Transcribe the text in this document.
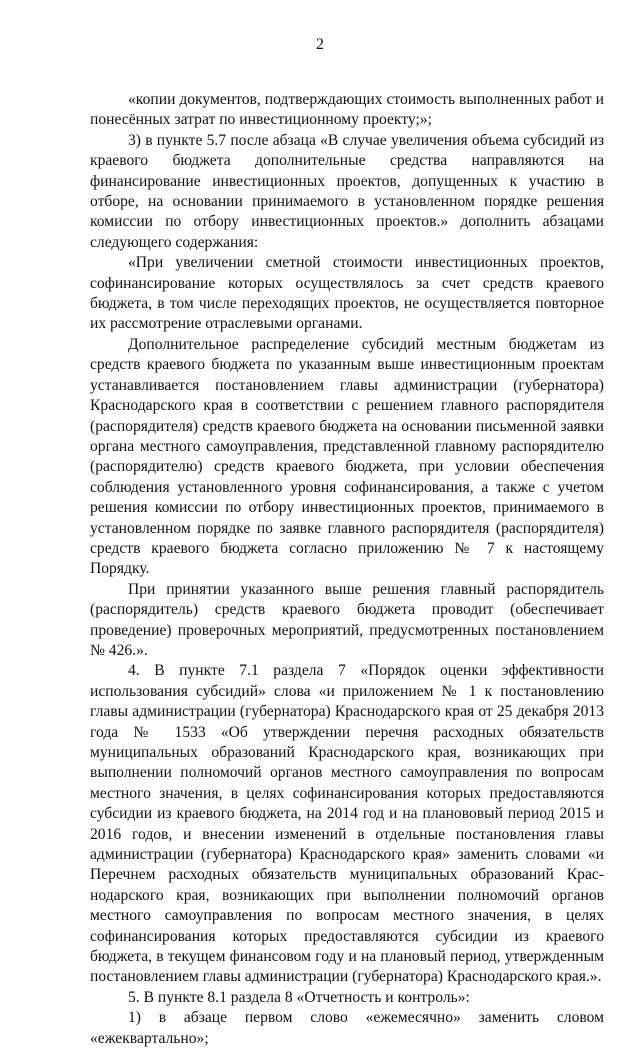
2

«копии документов, подтверждающих стоимость выполненных работ и понесённых затрат по инвестиционному проекту;»;

3) в пункте 5.7 после абзаца «В случае увеличения объема субсидий из краевого бюджета дополнительные средства направляются на финансирование инвестиционных проектов, допущенных к участию в отборе, на основании принимаемого в установленном порядке решения комиссии по отбору инвестиционных проектов.» дополнить абзацами следующего содержания:

«При увеличении сметной стоимости инвестиционных проектов, софинансирование которых осуществлялось за счет средств краевого бюджета, в том числе переходящих проектов, не осуществляется повторное их рассмотрение отраслевыми органами.

Дополнительное распределение субсидий местным бюджетам из средств краевого бюджета по указанным выше инвестиционным проектам устанавливается постановлением главы администрации (губернатора) Краснодарского края в соответствии с решением главного распорядителя (распорядителя) средств краевого бюджета на основании письменной заявки органа местного самоуправления, представленной главному распорядителю (распорядителю) средств краевого бюджета, при условии обеспечения соблюдения установленного уровня софинансирования, а также с учетом решения комиссии по отбору инвестиционных проектов, принимаемого в установленном порядке по заявке главного распорядителя (распорядителя) средств краевого бюджета согласно приложению № 7 к настоящему Порядку.

При принятии указанного выше решения главный распорядитель (распорядитель) средств краевого бюджета проводит (обеспечивает проведение) проверочных мероприятий, предусмотренных постановлением № 426.».

4. В пункте 7.1 раздела 7 «Порядок оценки эффективности использования субсидий» слова «и приложением № 1 к постановлению главы администрации (губернатора) Краснодарского края от 25 декабря 2013 года № 1533 «Об утверждении перечня расходных обязательств муниципальных образований Краснодарского края, возникающих при выполнении полномочий органов местного самоуправления по вопросам местного значения, в целях софинансирования которых предоставляются субсидии из краевого бюджета, на 2014 год и на планововый период 2015 и 2016 годов, и внесении изменений в отдельные постановления главы администрации (губернатора) Краснодарского края» заменить словами «и Перечнем расходных обязательств муниципальных образований Краснодарского края, возникающих при выполнении полномочий органов местного самоуправления по вопросам местного значения, в целях софинансирования которых предоставляются субсидии из краевого бюджета, в текущем финансовом году и на плановый период, утвержденным постановлением главы администрации (губернатора) Краснодарского края.».

5. В пункте 8.1 раздела 8 «Отчетность и контроль»:

1) в абзаце первом слово «ежемесячно» заменить словом «ежеквартально»;
